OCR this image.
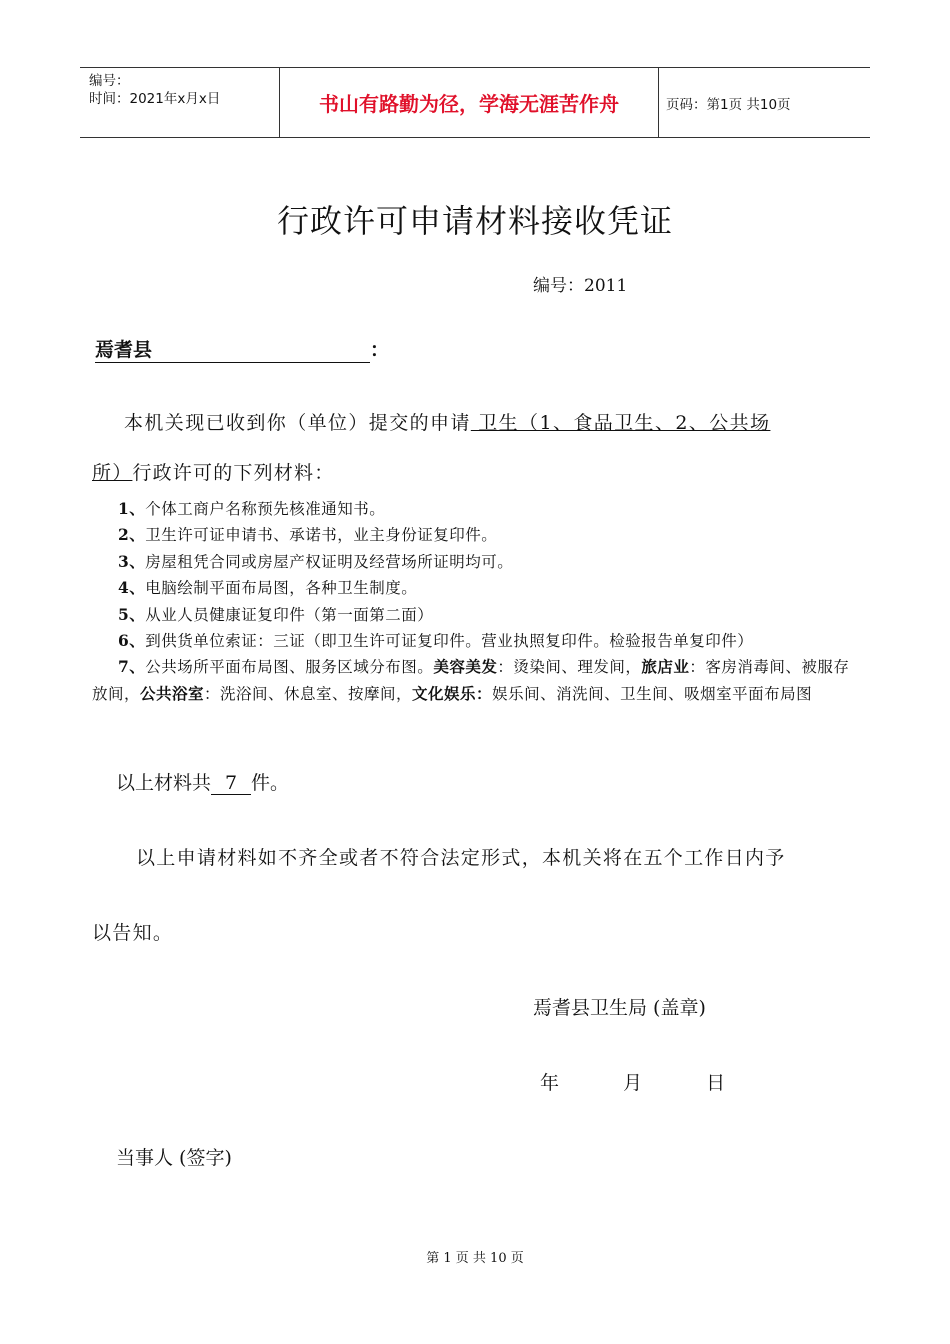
编号：
时间：2021年x月x日	书山有路勤为径，学海无涯苦作舟	页码：第1页 共10页
行政许可申请材料接收凭证
编号：2011
焉耆县	：
本机关现已收到你（单位）提交的申请 卫生（1、食品卫生、2、公共场
所）行政许可的下列材料：
1、个体工商户名称预先核准通知书。
2、卫生许可证申请书、承诺书，业主身份证复印件。
3、房屋租凭合同或房屋产权证明及经营场所证明均可。
4、电脑绘制平面布局图，各种卫生制度。
5、从业人员健康证复印件（第一面第二面）
6、到供货单位索证：三证（即卫生许可证复印件。营业执照复印件。检验报告单复印件）
7、公共场所平面布局图、服务区域分布图。美容美发：烫染间、理发间，旅店业：客房消毒间、被服存放间，公共浴室：洗浴间、休息室、按摩间，文化娱乐：娱乐间、消洗间、卫生间、吸烟室平面布局图
以上材料共 7 件。
以上申请材料如不齐全或者不符合法定形式，本机关将在五个工作日内予
以告知。
焉耆县卫生局 (盖章)
年	月	日
当事人 (签字)
第 1 页 共 10 页
